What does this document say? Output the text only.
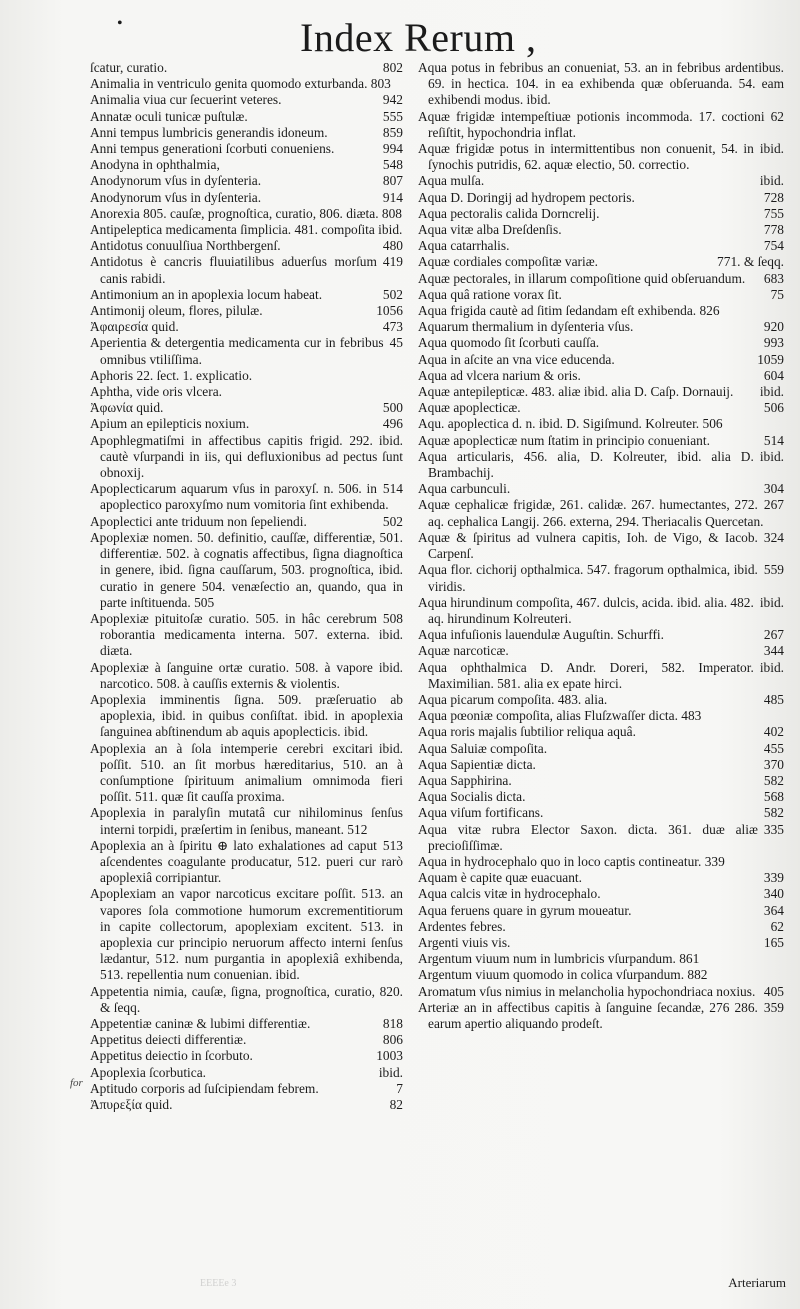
•	Index Rerum ,
802
ſcatur, curatio.
Animalia in ventriculo genita quomodo exturbanda. 803
942
Animalia viua cur ſecuerint veteres.
555
Annatæ oculi tunicæ puſtulæ.
859
Anni tempus lumbricis generandis idoneum.
994
Anni tempus generationi ſcorbuti conueniens.
548
Anodyna in ophthalmia,
807
Anodynorum vſus in dyſenteria.
914
Anodynorum vſus in dyſenteria.
Anorexia 805. cauſæ, prognoſtica, curatio, 806. diæta. 808
Antipeleptica medicamenta ſimplicia. 481. compoſita ibid.
480
Antidotus conuulſiua Northbergenſ.
419
Antidotus è cancris fluuiatilibus aduerſus morſum canis rabidi.
502
Antimonium an in apoplexia locum habeat.
1056
Antimonij oleum, flores, pilulæ.
473
Ἀφαιρεσία quid.
45
Aperientia & detergentia medicamenta cur in febribus omnibus vtiliſſima.
Aphoris 22. ſect. 1. explicatio.
Aphtha, vide oris vlcera.
500
Ἀφωνία quid.
496
Apium an epilepticis noxium.
ibid.
Apophlegmatiſmi in affectibus capitis frigid. 292. cautè vſurpandi in iis, qui defluxionibus ad pectus ſunt obnoxij.
514
Apoplecticarum aquarum vſus in paroxyſ. n. 506. in apoplectico paroxyſmo num vomitoria ſint exhibenda.
502
Apoplectici ante triduum non ſepeliendi.
Apoplexiæ nomen. 50. definitio, cauſſæ, differentiæ, 501. differentiæ. 502. à cognatis affectibus, ſigna diagnoſtica in genere, ibid. ſigna cauſſarum, 503. prognoſtica, ibid. curatio in genere 504. venæſectio an, quando, qua in parte inſtituenda. 505
508
Apoplexiæ pituitoſæ curatio. 505. in hâc cerebrum roborantia medicamenta interna. 507. externa. ibid. diæta.
ibid.
Apoplexiæ à ſanguine ortæ curatio. 508. à vapore narcotico. 508. à cauſſis externis & violentis.
Apoplexia imminentis ſigna. 509. præſeruatio ab apoplexia, ibid. in quibus conſiſtat. ibid. in apoplexia ſanguinea abſtinendum ab aquis apoplecticis. ibid.
ibid.
Apoplexia an à ſola intemperie cerebri excitari poſſit. 510. an ſit morbus hæreditarius, 510. an à conſumptione ſpirituum animalium omnimoda fieri poſſit. 511. quæ ſit cauſſa proxima.
Apoplexia in paralyſin mutatâ cur nihilominus ſenſus interni torpidi, præſertim in ſenibus, maneant. 512
513
Apoplexia an à ſpiritu ⊕ lato exhalationes ad caput aſcendentes coagulante producatur, 512. pueri cur rarò apoplexiâ corripiantur.
Apoplexiam an vapor narcoticus excitare poſſit. 513. an vapores ſola commotione humorum excrementitiorum in capite collectorum, apoplexiam excitent. 513. in apoplexia cur principio neruorum affecto interni ſenſus lædantur, 512. num purgantia in apoplexiâ exhibenda, 513. repellentia num conuenian. ibid.
Appetentia nimia, cauſæ, ſigna, prognoſtica, curatio, 820. & ſeqq.
818
Appetentiæ caninæ & lubimi differentiæ.
806
Appetitus deiecti differentiæ.
1003
Appetitus deiectio in ſcorbuto.
ibid.
Apoplexia ſcorbutica.
7
Aptitudo corporis ad ſuſcipiendam febrem.
82
Ἀπυρεξία quid.
Aqua potus in febribus an conueniat, 53. an in febribus ardentibus. 69. in hectica. 104. in ea exhibenda quæ obſeruanda. 54. eam exhibendi modus. ibid.
62
Aquæ frigidæ intempeſtiuæ potionis incommoda. 17. coctioni reſiſtit, hypochondria inflat.
ibid.
Aquæ frigidæ potus in intermittentibus non conuenit, 54. in ſynochis putridis, 62. aquæ electio, 50. correctio.
ibid.
Aqua mulſa.
728
Aqua D. Doringij ad hydropem pectoris.
755
Aqua pectoralis calida Dorncrelij.
778
Aqua vitæ alba Dreſdenſis.
754
Aqua catarrhalis.
771. & ſeqq.
Aquæ cordiales compoſitæ variæ.
683
Aquæ pectorales, in illarum compoſitione quid obſeruandum.
75
Aqua quâ ratione vorax ſit.
Aqua frigida cautè ad ſitim ſedandam eſt exhibenda. 826
920
Aquarum thermalium in dyſenteria vſus.
993
Aqua quomodo ſit ſcorbuti cauſſa.
1059
Aqua in aſcite an vna vice educenda.
604
Aqua ad vlcera narium & oris.
ibid.
Aquæ antepilepticæ. 483. aliæ ibid. alia D. Caſp. Dornauij.
506
Aquæ apoplecticæ.
Aqu. apoplectica d. n. ibid. D. Sigiſmund. Kolreuter. 506
514
Aquæ apoplecticæ num ſtatim in principio conueniant.
ibid.
Aqua articularis, 456. alia, D. Kolreuter, ibid. alia D. Brambachij.
304
Aqua carbunculi.
267
Aquæ cephalicæ frigidæ, 261. calidæ. 267. humectantes, 272. aq. cephalica Langij. 266. externa, 294. Theriacalis Quercetan.
324
Aquæ & ſpiritus ad vulnera capitis, Ioh. de Vigo, & Iacob. Carpenſ.
559
Aqua flor. cichorij opthalmica. 547. fragorum opthalmica, ibid. viridis.
ibid.
Aqua hirundinum compoſita, 467. dulcis, acida. ibid. alia. 482. aq. hirundinum Kolreuteri.
267
Aqua infuſionis lauendulæ Auguſtin. Schurffi.
344
Aquæ narcoticæ.
ibid.
Aqua ophthalmica D. Andr. Doreri, 582. Imperator. Maximilian. 581. alia ex epate hirci.
485
Aqua picarum compoſita. 483. alia.
Aqua pœoniæ compoſita, alias Fluſzwaſſer dicta. 483
402
Aqua roris majalis ſubtilior reliqua aquâ.
455
Aqua Saluiæ compoſita.
370
Aqua Sapientiæ dicta.
582
Aqua Sapphirina.
568
Aqua Socialis dicta.
582
Aqua viſum fortificans.
335
Aqua vitæ rubra Elector Saxon. dicta. 361. duæ aliæ precioſiſſimæ.
Aqua in hydrocephalo quo in loco captis contineatur. 339
339
Aquam è capite quæ euacuant.
340
Aqua calcis vitæ in hydrocephalo.
364
Aqua feruens quare in gyrum moueatur.
62
Ardentes febres.
165
Argenti viuis vis.
Argentum viuum num in lumbricis vſurpandum. 861
Argentum viuum quomodo in colica vſurpandum. 882
405
Aromatum vſus nimius in melancholia hypochondriaca noxius.
359
Arteriæ an in affectibus capitis à ſanguine ſecandæ, 276 286. earum apertio aliquando prodeſt.
for
EEEEe 3	Arteriarum
